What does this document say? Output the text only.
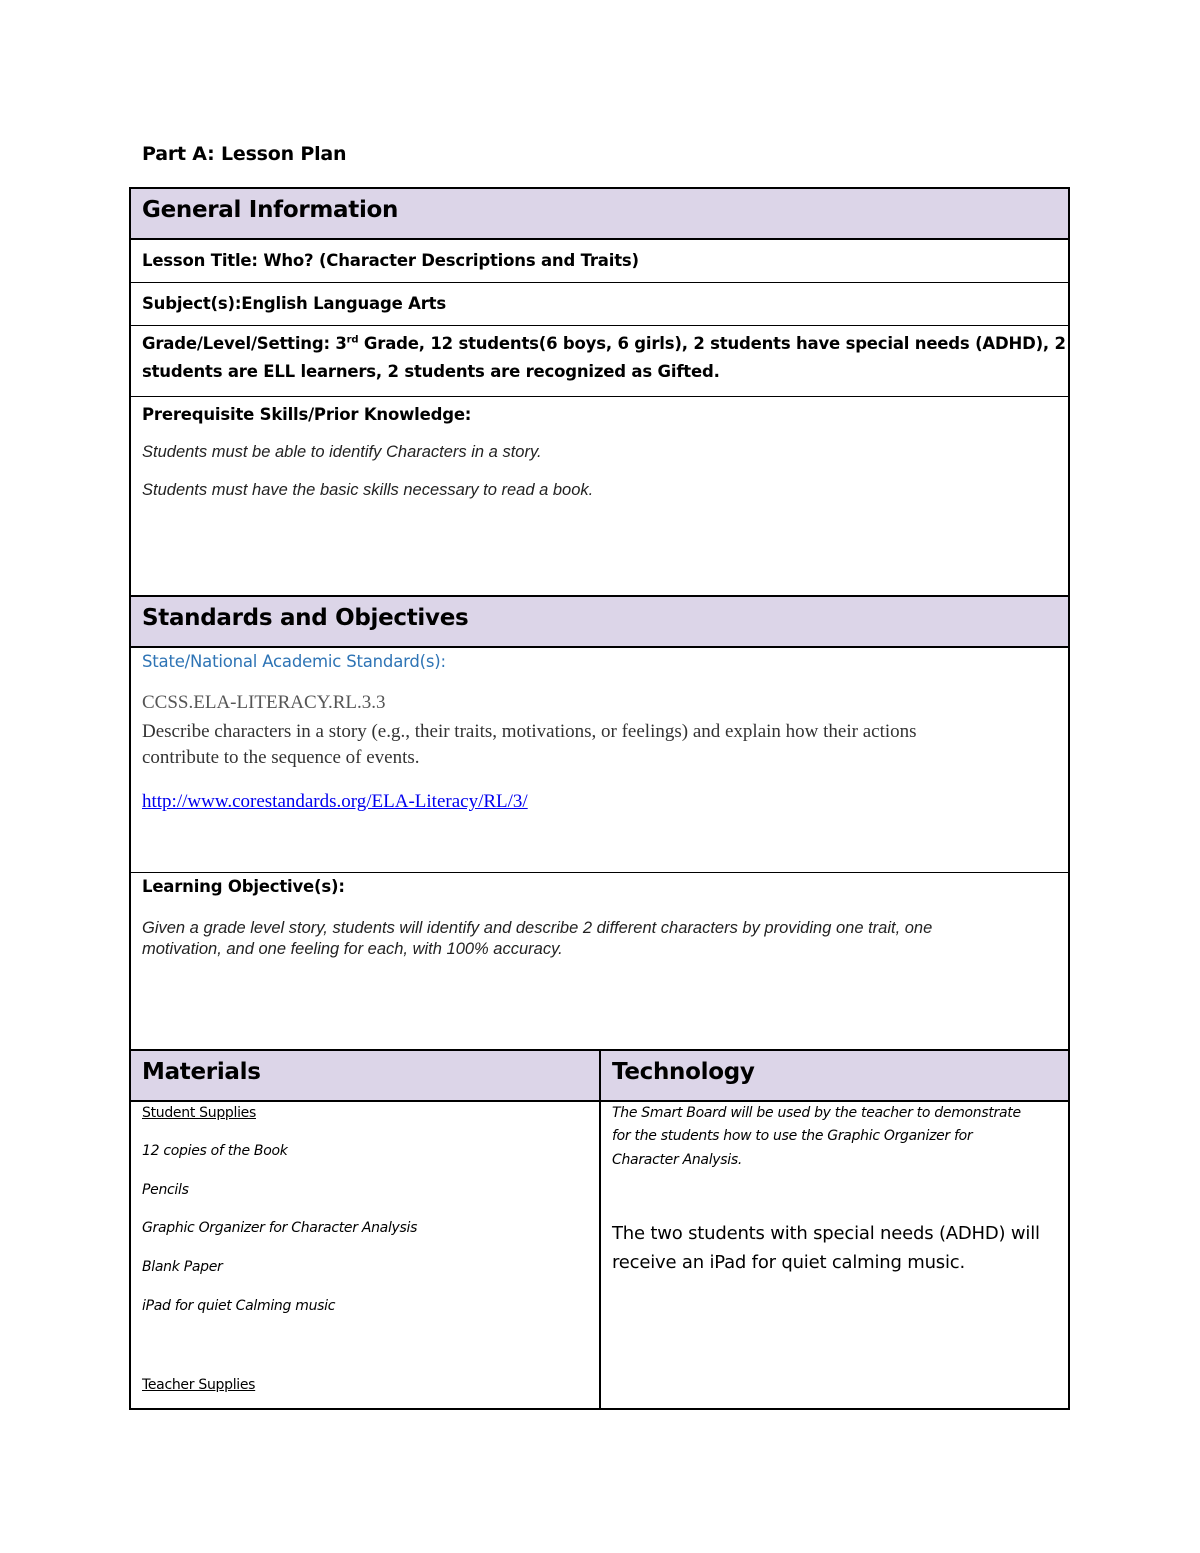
Part A: Lesson Plan
General Information
Lesson Title: Who? (Character Descriptions and Traits)
Subject(s):English Language Arts
Grade/Level/Setting: 3rd Grade, 12 students(6 boys, 6 girls), 2 students have special needs (ADHD), 2
students are ELL learners, 2 students are recognized as Gifted.
Prerequisite Skills/Prior Knowledge:
Students must be able to identify Characters in a story.
Students must have the basic skills necessary to read a book.
Standards and Objectives
State/National Academic Standard(s):
CCSS.ELA-LITERACY.RL.3.3
Describe characters in a story (e.g., their traits, motivations, or feelings) and explain how their actions
contribute to the sequence of events.
http://www.corestandards.org/ELA-Literacy/RL/3/
Learning Objective(s):
Given a grade level story, students will identify and describe 2 different characters by providing one trait, one
motivation, and one feeling for each, with 100% accuracy.
Materials	Technology
Student Supplies
12 copies of the Book
Pencils
Graphic Organizer for Character Analysis
Blank Paper
iPad for quiet Calming music
Teacher Supplies
The Smart Board will be used by the teacher to demonstrate
for the students how to use the Graphic Organizer for
Character Analysis.
The two students with special needs (ADHD) will
receive an iPad for quiet calming music.
